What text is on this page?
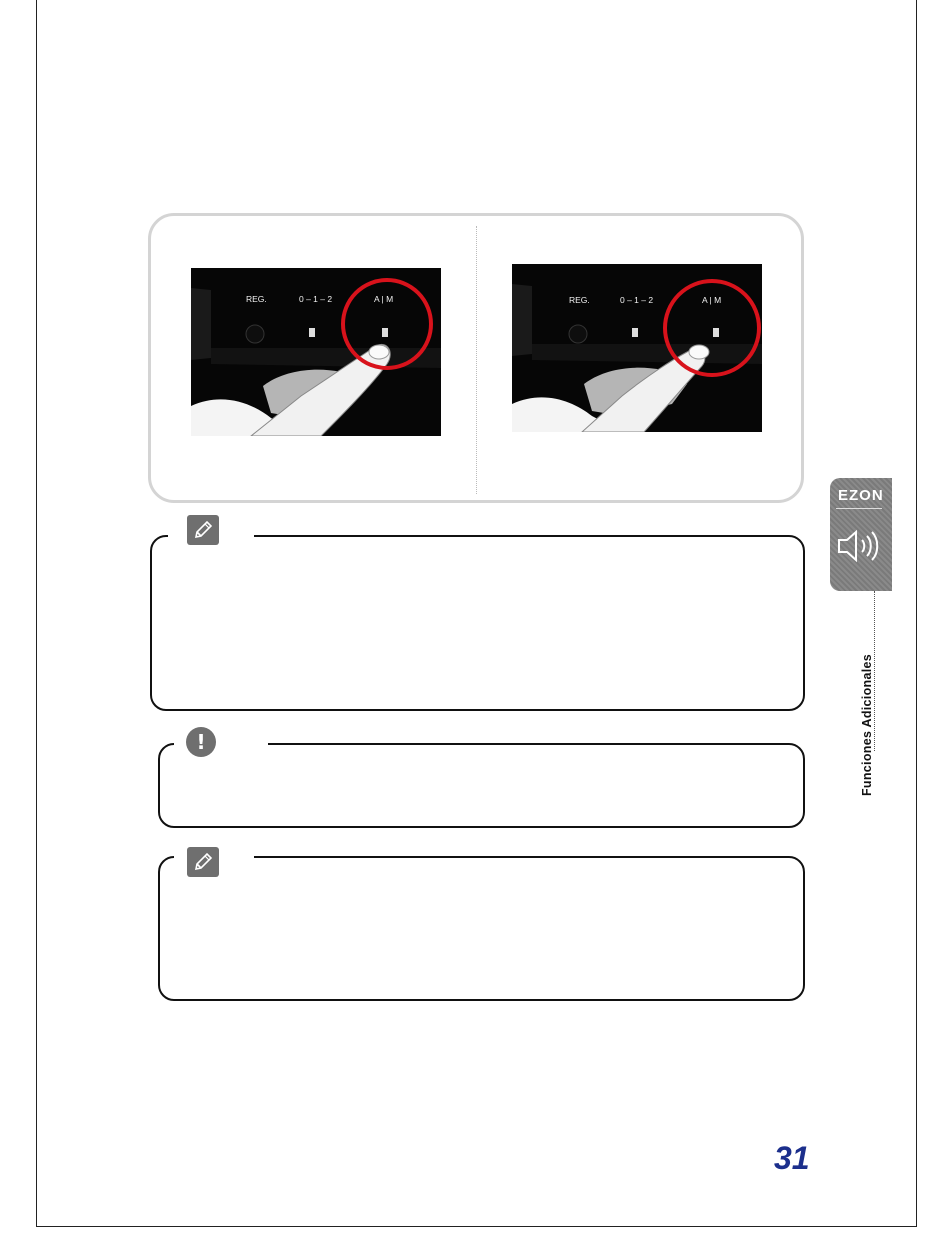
REG.	0 – 1 – 2	A | M	REG.	0 – 1 – 2	A | M
!
EZON
Funciones Adicionales
31
